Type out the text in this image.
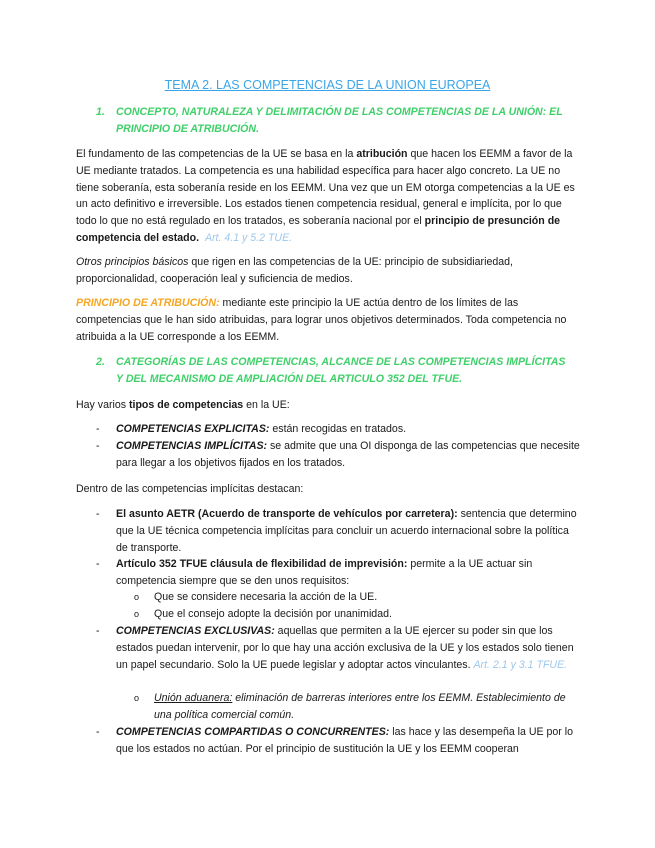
TEMA 2. LAS COMPETENCIAS DE LA UNION EUROPEA
1. CONCEPTO, NATURALEZA Y DELIMITACIÓN DE LAS COMPETENCIAS DE LA UNIÓN: EL
PRINCIPIO DE ATRIBUCIÓN.
El fundamento de las competencias de la UE se basa en la atribución que hacen los EEMM a favor de la UE mediante tratados. La competencia es una habilidad específica para hacer algo concreto. La UE no tiene soberanía, esta soberanía reside en los EEMM. Una vez que un EM otorga competencias a la UE es un acto definitivo e irreversible. Los estados tienen competencia residual, general e implícita, por lo que todo lo que no está regulado en los tratados, es soberanía nacional por el principio de presunción de competencia del estado. Art. 4.1 y 5.2 TUE.
Otros principios básicos que rigen en las competencias de la UE: principio de subsidiariedad, proporcionalidad, cooperación leal y suficiencia de medios.
PRINCIPIO DE ATRIBUCIÓN: mediante este principio la UE actúa dentro de los límites de las competencias que le han sido atribuidas, para lograr unos objetivos determinados. Toda competencia no atribuida a la UE corresponde a los EEMM.
2. CATEGORÍAS DE LAS COMPETENCIAS, ALCANCE DE LAS COMPETENCIAS IMPLÍCITAS
Y DEL MECANISMO DE AMPLIACIÓN DEL ARTICULO 352 DEL TFUE.
Hay varios tipos de competencias en la UE:
- COMPETENCIAS EXPLICITAS: están recogidas en tratados.
- COMPETENCIAS IMPLÍCITAS: se admite que una OI disponga de las competencias que necesite para llegar a los objetivos fijados en los tratados.
Dentro de las competencias implícitas destacan:
- El asunto AETR (Acuerdo de transporte de vehículos por carretera): sentencia que determino que la UE técnica competencia implícitas para concluir un acuerdo internacional sobre la política de transporte.
- Artículo 352 TFUE cláusula de flexibilidad de imprevisión: permite a la UE actuar sin competencia siempre que se den unos requisitos:
o Que se considere necesaria la acción de la UE.
o Que el consejo adopte la decisión por unanimidad.
- COMPETENCIAS EXCLUSIVAS: aquellas que permiten a la UE ejercer su poder sin que los estados puedan intervenir, por lo que hay una acción exclusiva de la UE y los estados solo tienen un papel secundario. Solo la UE puede legislar y adoptar actos vinculantes. Art. 2.1 y 3.1 TFUE.
o Unión aduanera: eliminación de barreras interiores entre los EEMM. Establecimiento de una política comercial común.
- COMPETENCIAS COMPARTIDAS O CONCURRENTES: las hace y las desempeña la UE por lo que los estados no actúan. Por el principio de sustitución la UE y los EEMM cooperan
